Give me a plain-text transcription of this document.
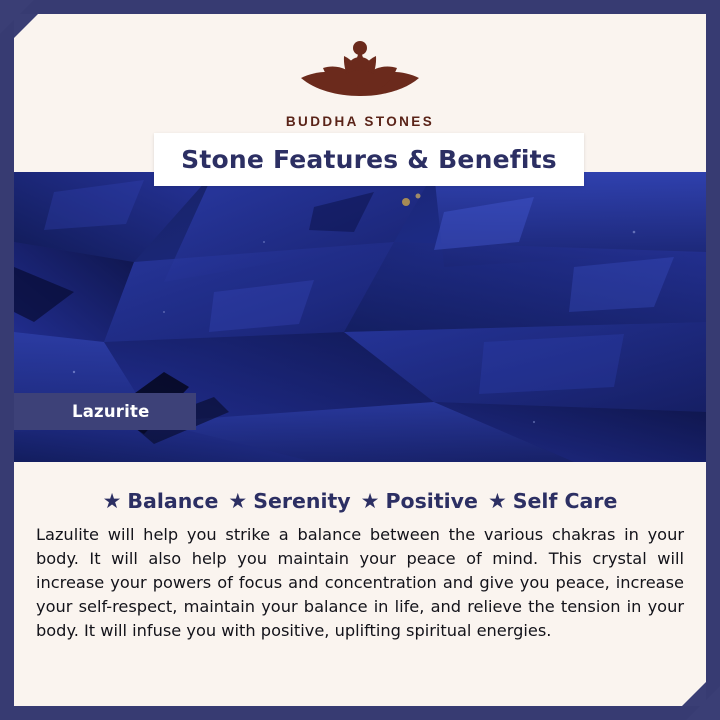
BUDDHA STONES
Stone Features & Benefits
★ Balance ★ Serenity ★ Positive ★ Self Care

Lazulite will help you strike a balance between the various chakras in your body. It will also help you maintain your peace of mind. This crystal will increase your powers of focus and concentration and give you peace, increase your self-respect, maintain your balance in life, and relieve the tension in your body. It will infuse you with positive, uplifting spiritual energies.

Lazurite
